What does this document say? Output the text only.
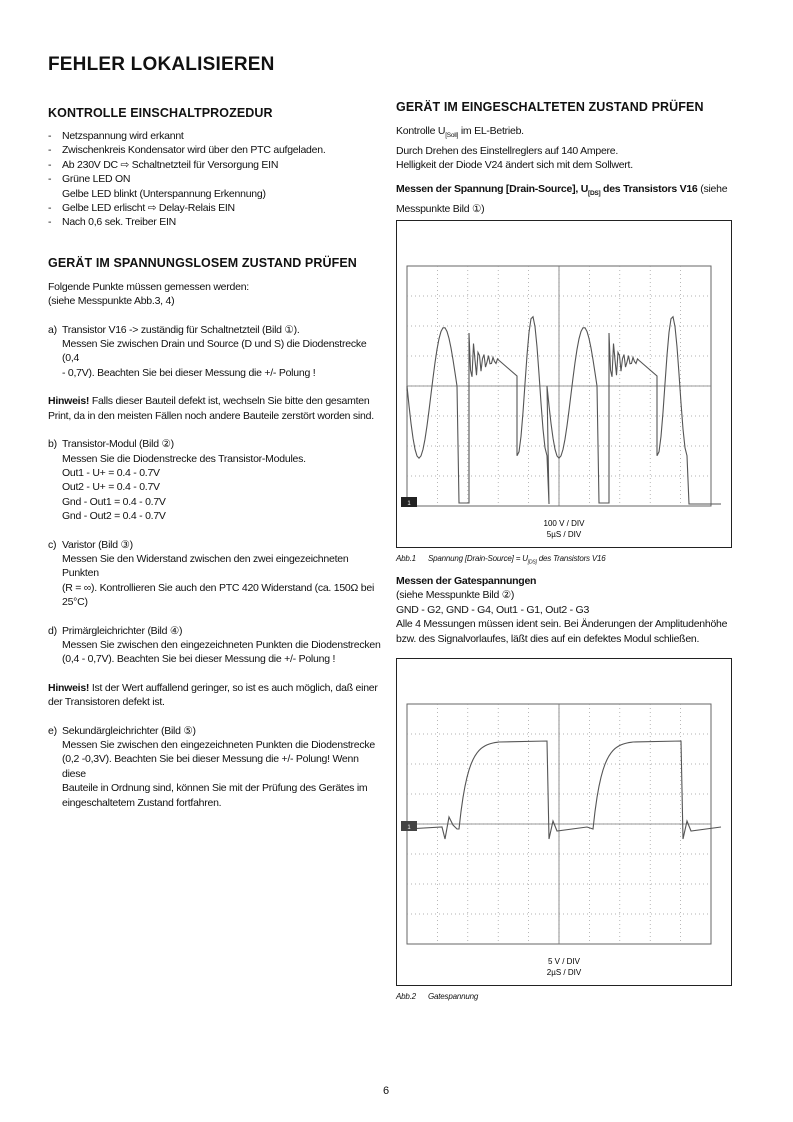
FEHLER LOKALISIEREN
KONTROLLE EINSCHALTPROZEDUR
- Netzspannung wird erkannt
- Zwischenkreis Kondensator wird über den PTC aufgeladen.
- Ab 230V DC ⇨ Schaltnetzteil für Versorgung EIN
- Grüne LED ON
Gelbe LED blinkt (Unterspannung Erkennung)
- Gelbe LED erlischt ⇨ Delay-Relais EIN
- Nach 0,6 sek. Treiber EIN
GERÄT IM SPANNUNGSLOSEM ZUSTAND PRÜFEN

Folgende Punkte müssen gemessen werden:

(siehe Messpunkte Abb.3, 4)

a) Transistor V16 -> zuständig für Schaltnetzteil (Bild ①).

Messen Sie zwischen Drain und Source (D und S) die Diodenstrecke (0,4

- 0,7V). Beachten Sie bei dieser Messung die +/- Polung !

Hinweis! Falls dieser Bauteil defekt ist, wechseln Sie bitte den gesamten Print, da in den meisten Fällen noch andere Bauteile zerstört worden sind.

b) Transistor-Modul (Bild ②)

Messen Sie die Diodenstrecke des Transistor-Modules.

Out1 - U+ = 0.4 - 0.7V

Out2 - U+ = 0.4 - 0.7V

Gnd - Out1 = 0.4 - 0.7V

Gnd - Out2 = 0.4 - 0.7V

c) Varistor (Bild ③)

Messen Sie den Widerstand zwischen den zwei eingezeichneten Punkten

(R = ∞). Kontrollieren Sie auch den PTC 420 Widerstand (ca. 150Ω bei

25°C)

d) Primärgleichrichter (Bild ④)

Messen Sie zwischen den eingezeichneten Punkten die Diodenstrecken

(0,4 - 0,7V). Beachten Sie bei dieser Messung die +/- Polung !

Hinweis! Ist der Wert auffallend geringer, so ist es auch möglich, daß einer der Transistoren defekt ist.

e) Sekundärgleichrichter (Bild ⑤)

Messen Sie zwischen den eingezeichneten Punkten die Diodenstrecke

(0,2 -0,3V). Beachten Sie bei dieser Messung die +/- Polung! Wenn diese

Bauteile in Ordnung sind, können Sie mit der Prüfung des Gerätes im

eingeschaltetem Zustand fortfahren.

GERÄT IM EINGESCHALTETEN ZUSTAND PRÜFEN

Kontrolle $U_{[Soll]}$ im EL-Betrieb.

Durch Drehen des Einstellreglers auf 140 Ampere.

Helligkeit der Diode V24 ändert sich mit dem Sollwert.

Messen der Spannung [Drain-Source], $U_{[DS]}$ des Transistors V16 (siehe

Messpunkte Bild ①)

1
100 V / DIV
5µS / DIV
Abb.1 Spannung [Drain-Source] = $U_{[DS]}$ des Transistors V16

Messen der Gatespannungen

(siehe Messpunkte Bild ②)

GND - G2, GND - G4, Out1 - G1, Out2 - G3

Alle 4 Messungen müssen ident sein. Bei Änderungen der Amplitudenhöhe

bzw. des Signalvorlaufes, läßt dies auf ein defektes Modul schließen.

1
5 V / DIV
2µS / DIV
Abb.2 Gatespannung
6
